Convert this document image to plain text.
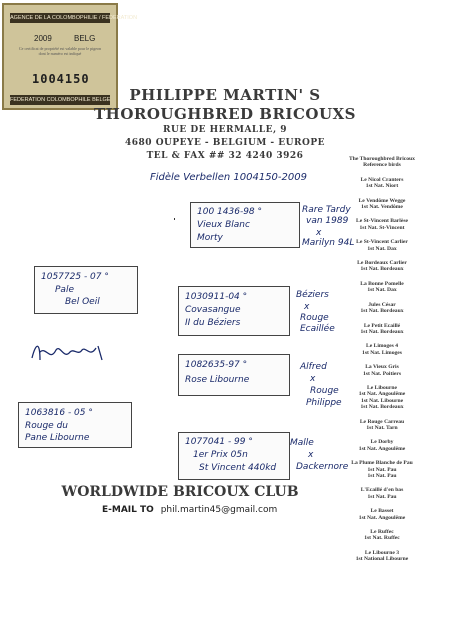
AGENCE DE LA COLOMBOPHILIE / FEDERATION
2009	BELG
Ce certificat de propriété est valable pour le pigeon dont le numéro est indiqué
1004150
FEDERATION COLOMBOPHILE BELGE	PHILIPPE MARTIN' S
THOROUGHBRED BRICOUXS
RUE DE HERMALLE, 9
4680 OUPEYE - BELGIUM - EUROPE
TEL & FAX ## 32 4240 3926
Fidèle Verbellen 1004150-2009
100 1436-98 °
Vieux Blanc
Morty
Rare Tardy
van 1989
x
Marilyn 94L
1057725 - 07 °
Pale
Bel Oeil	1030911-04 °
Covasangue
II du Béziers
Béziers
x
Rouge
Ecaillée
1082635-97 °
Rose Libourne
Alfred
x
Rouge
Philippe
1063816 - 05 °
Rouge du
Pane Libourne	1077041 - 99 °
1er Prix 05n
St Vincent 440kd
Malle
x
Dackernore
The Thoroughbred Bricoux
Reference birds
Le Nicol Cranters
1st Nat. Niort
Le Vendôme Wegge
1st Nat. Vendôme
Le St-Vincent Barlèse
1st Nat. St-Vincent
Le St-Vincent Carlier
1st Nat. Dax
Le Bordeaux Carlier
1st Nat. Bordeaux
La Bonne Pomelle
1st Nat. Dax
Jules César
1st Nat. Bordeaux
Le Petit Ecaillé
1st Nat. Bordeaux
Le Limoges 4
1st Nat. Limoges
La Vieux Gris
1st Nat. Poitiers
Le Libourne
1st Nat. Angoulême
1st Nat. Libourne
1st Nat. Bordeaux
Le Rouge Carreau
1st Nat. Tarn
Le Dorby
1st Nat. Angoulême
La Plume Blanche de Pau
1st Nat. Pau
1st Nat. Pau
L'Ecaillé d'en bas
1st Nat. Pau
Le Basset
1st Nat. Angoulême
Le Ruffec
1st Nat. Ruffec
Le Libourne 3
1st National Libourne
WORLDWIDE BRICOUX CLUB
E-MAIL TO phil.martin45@gmail.com
